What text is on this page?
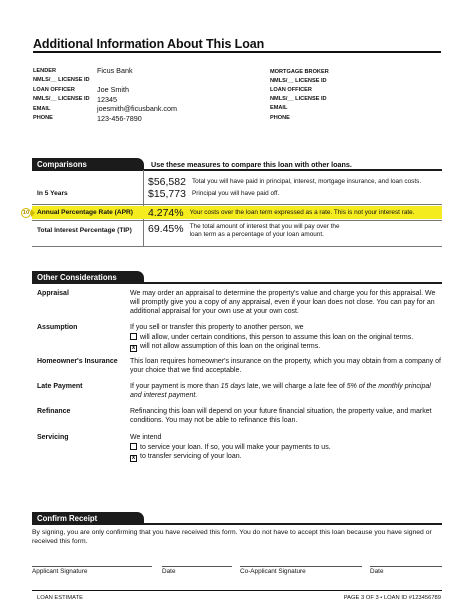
Additional Information About This Loan
LENDER	Ficus Bank
NMLS/__ LICENSE ID
LOAN OFFICER	Joe Smith
NMLS/__ LICENSE ID	12345
EMAIL	joesmith@ficusbank.com
PHONE	123-456-7890
MORTGAGE BROKER
NMLS/__ LICENSE ID
LOAN OFFICER
NMLS/__ LICENSE ID
EMAIL
PHONE
Comparisons	Use these measures to compare this loan with other loans.
In 5 Years
$56,582 Total you will have paid in principal, interest, mortgage insurance, and loan costs.
$15,773 Principal you will have paid off.
10	Annual Percentage Rate (APR)	4.274% Your costs over the loan term expressed as a rate. This is not your interest rate.
Total Interest Percentage (TIP)	69.45% The total amount of interest that you will pay over the loan term as a percentage of your loan amount.
Other Considerations
Appraisal	We may order an appraisal to determine the property's value and charge you for this appraisal. We will promptly give you a copy of any appraisal, even if your loan does not close. You can pay for an additional appraisal for your own use at your own cost.
Assumption	If you sell or transfer this property to another person, we
will allow, under certain conditions, this person to assume this loan on the original terms.
x will not allow assumption of this loan on the original terms.
Homeowner's Insurance	This loan requires homeowner's insurance on the property, which you may obtain from a company of your choice that we find acceptable.
Late Payment	If your payment is more than 15 days late, we will charge a late fee of 5% of the monthly principal and interest payment.
Refinance	Refinancing this loan will depend on your future financial situation, the property value, and market conditions. You may not be able to refinance this loan.
Servicing	We intend
to service your loan. If so, you will make your payments to us.
x to transfer servicing of your loan.
Confirm Receipt
By signing, you are only confirming that you have received this form. You do not have to accept this loan because you have signed or received this form.
Applicant Signature	Date	Co-Applicant Signature	Date
LOAN ESTIMATE	PAGE 3 OF 3 • LOAN ID #123456789
